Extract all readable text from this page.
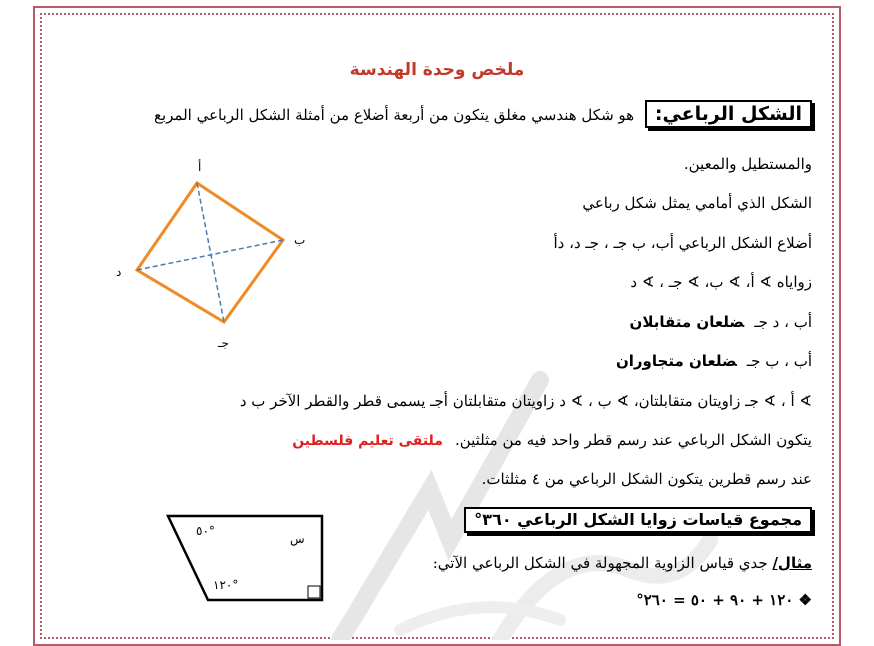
ملخص وحدة الهندسة
الشكل الرباعي: هو شكل هندسي مغلق يتكون من أربعة أضلاع من أمثلة الشكل الرباعي المربع
والمستطيل والمعين.
الشكل الذي أمامي يمثل شكل رباعي
أضلاع الشكل الرباعي أب، ب جـ ، جـ د، دأ
زواياه ∢ أ، ∢ ب، ∢ جـ ، ∢ د
أب ، د جـضلعان متقابلان
أب ، ب جـضلعان متجاوران
∢ أ ، ∢ جـ زاويتان متقابلتان، ∢ ب ، ∢ د زاويتان متقابلتان أجـ يسمى قطر والقطر الآخر ب د
يتكون الشكل الرباعي عند رسم قطر واحد فيه من مثلثين.ملتقى تعليم فلسطين
عند رسم قطرين يتكون الشكل الرباعي من ٤ مثلثات.
مجموع قياسات زوايا الشكل الرباعي ٣٦٠°
مثال/ جدي قياس الزاوية المجهولة في الشكل الرباعي الآتي:
❖ ١٢٠ + ٩٠ + ٥٠ = ٢٦٠°
أ
ب
جـ
د
٥٠°
س
١٢٠°
